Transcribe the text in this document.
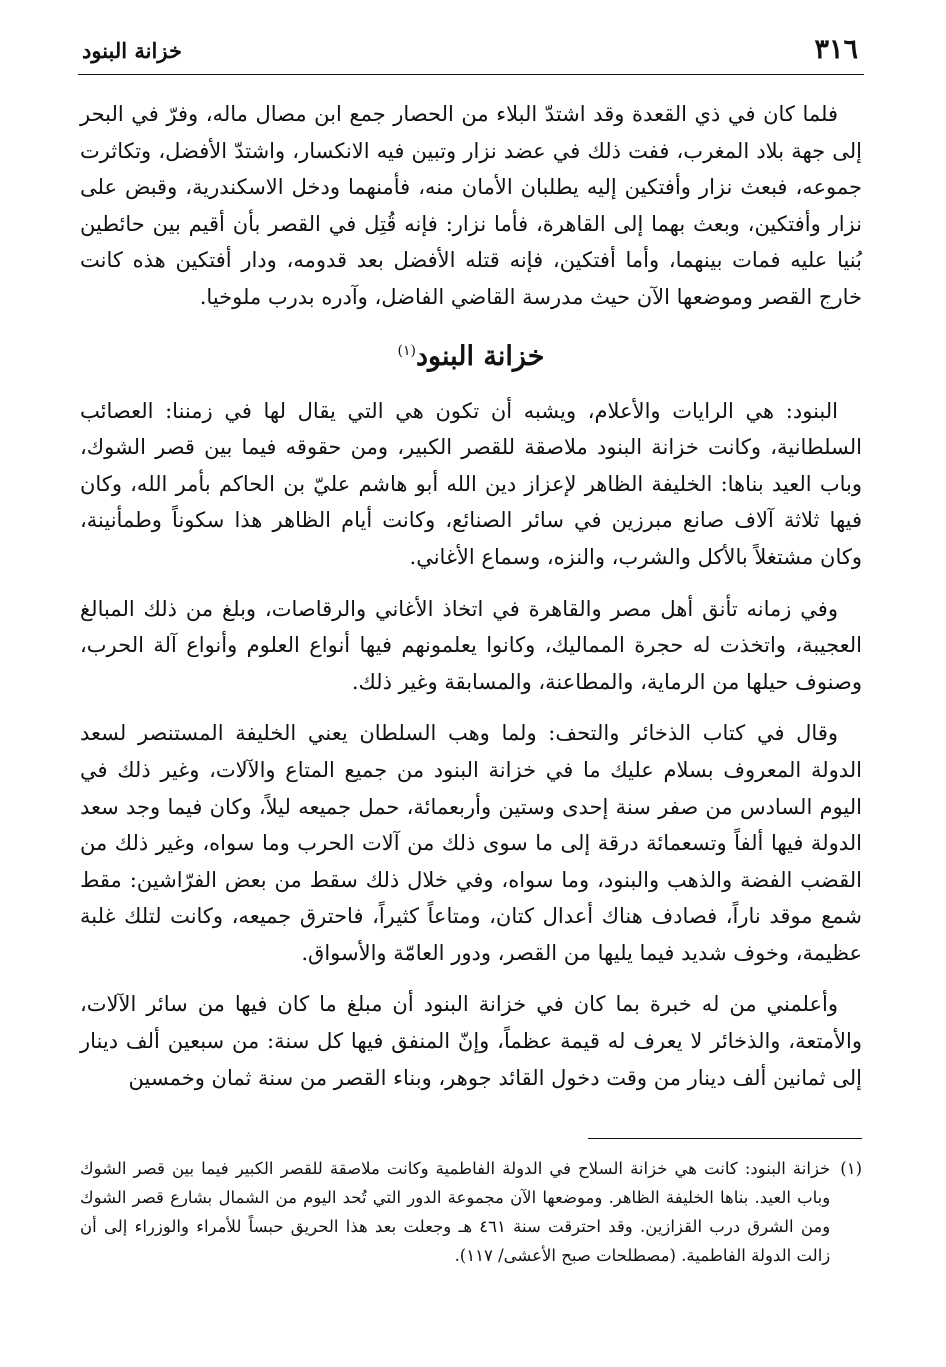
٣١٦
خزانة البنود

فلما كان في ذي القعدة وقد اشتدّ البلاء من الحصار جمع ابن مصال ماله، وفرّ في البحر إلى جهة بلاد المغرب، ففت ذلك في عضد نزار وتبين فيه الانكسار، واشتدّ الأفضل، وتكاثرت جموعه، فبعث نزار وأفتكين إليه يطلبان الأمان منه، فأمنهما ودخل الاسكندرية، وقبض على نزار وأفتكين، وبعث بهما إلى القاهرة، فأما نزار: فإنه قُتِل في القصر بأن أقيم بين حائطين بُنيا عليه فمات بينهما، وأما أفتكين، فإنه قتله الأفضل بعد قدومه، ودار أفتكين هذه كانت خارج القصر وموضعها الآن حيث مدرسة القاضي الفاضل، وآدره بدرب ملوخيا.

خزانة البنود$^{(١)}$

البنود: هي الرايات والأعلام، ويشبه أن تكون هي التي يقال لها في زمننا: العصائب السلطانية، وكانت خزانة البنود ملاصقة للقصر الكبير، ومن حقوقه فيما بين قصر الشوك، وباب العيد بناها: الخليفة الظاهر لإعزاز دين الله أبو هاشم عليّ بن الحاكم بأمر الله، وكان فيها ثلاثة آلاف صانع مبرزين في سائر الصنائع، وكانت أيام الظاهر هذا سكوناً وطمأنينة، وكان مشتغلاً بالأكل والشرب، والنزه، وسماع الأغاني.

وفي زمانه تأنق أهل مصر والقاهرة في اتخاذ الأغاني والرقاصات، وبلغ من ذلك المبالغ العجيبة، واتخذت له حجرة المماليك، وكانوا يعلمونهم فيها أنواع العلوم وأنواع آلة الحرب، وصنوف حيلها من الرماية، والمطاعنة، والمسابقة وغير ذلك.

وقال في كتاب الذخائر والتحف: ولما وهب السلطان يعني الخليفة المستنصر لسعد الدولة المعروف بسلام عليك ما في خزانة البنود من جميع المتاع والآلات، وغير ذلك في اليوم السادس من صفر سنة إحدى وستين وأربعمائة، حمل جميعه ليلاً، وكان فيما وجد سعد الدولة فيها ألفاً وتسعمائة درقة إلى ما سوى ذلك من آلات الحرب وما سواه، وغير ذلك من القضب الفضة والذهب والبنود، وما سواه، وفي خلال ذلك سقط من بعض الفرّاشين: مقط شمع موقد ناراً، فصادف هناك أعدال كتان، ومتاعاً كثيراً، فاحترق جميعه، وكانت لتلك غلبة عظيمة، وخوف شديد فيما يليها من القصر، ودور العامّة والأسواق.

وأعلمني من له خبرة بما كان في خزانة البنود أن مبلغ ما كان فيها من سائر الآلات، والأمتعة، والذخائر لا يعرف له قيمة عظماً، وإنّ المنفق فيها كل سنة: من سبعين ألف دينار إلى ثمانين ألف دينار من وقت دخول القائد جوهر، وبناء القصر من سنة ثمان وخمسين

(١)
خزانة البنود: كانت هي خزانة السلاح في الدولة الفاطمية وكانت ملاصقة للقصر الكبير فيما بين قصر الشوك وباب العيد. بناها الخليفة الظاهر. وموضعها الآن مجموعة الدور التي تُحد اليوم من الشمال بشارع قصر الشوك ومن الشرق درب القزازين. وقد احترقت سنة ٤٦١ هـ وجعلت بعد هذا الحريق حبساً للأمراء والوزراء إلى أن زالت الدولة الفاطمية. (مصطلحات صبح الأعشى/ ١١٧).
